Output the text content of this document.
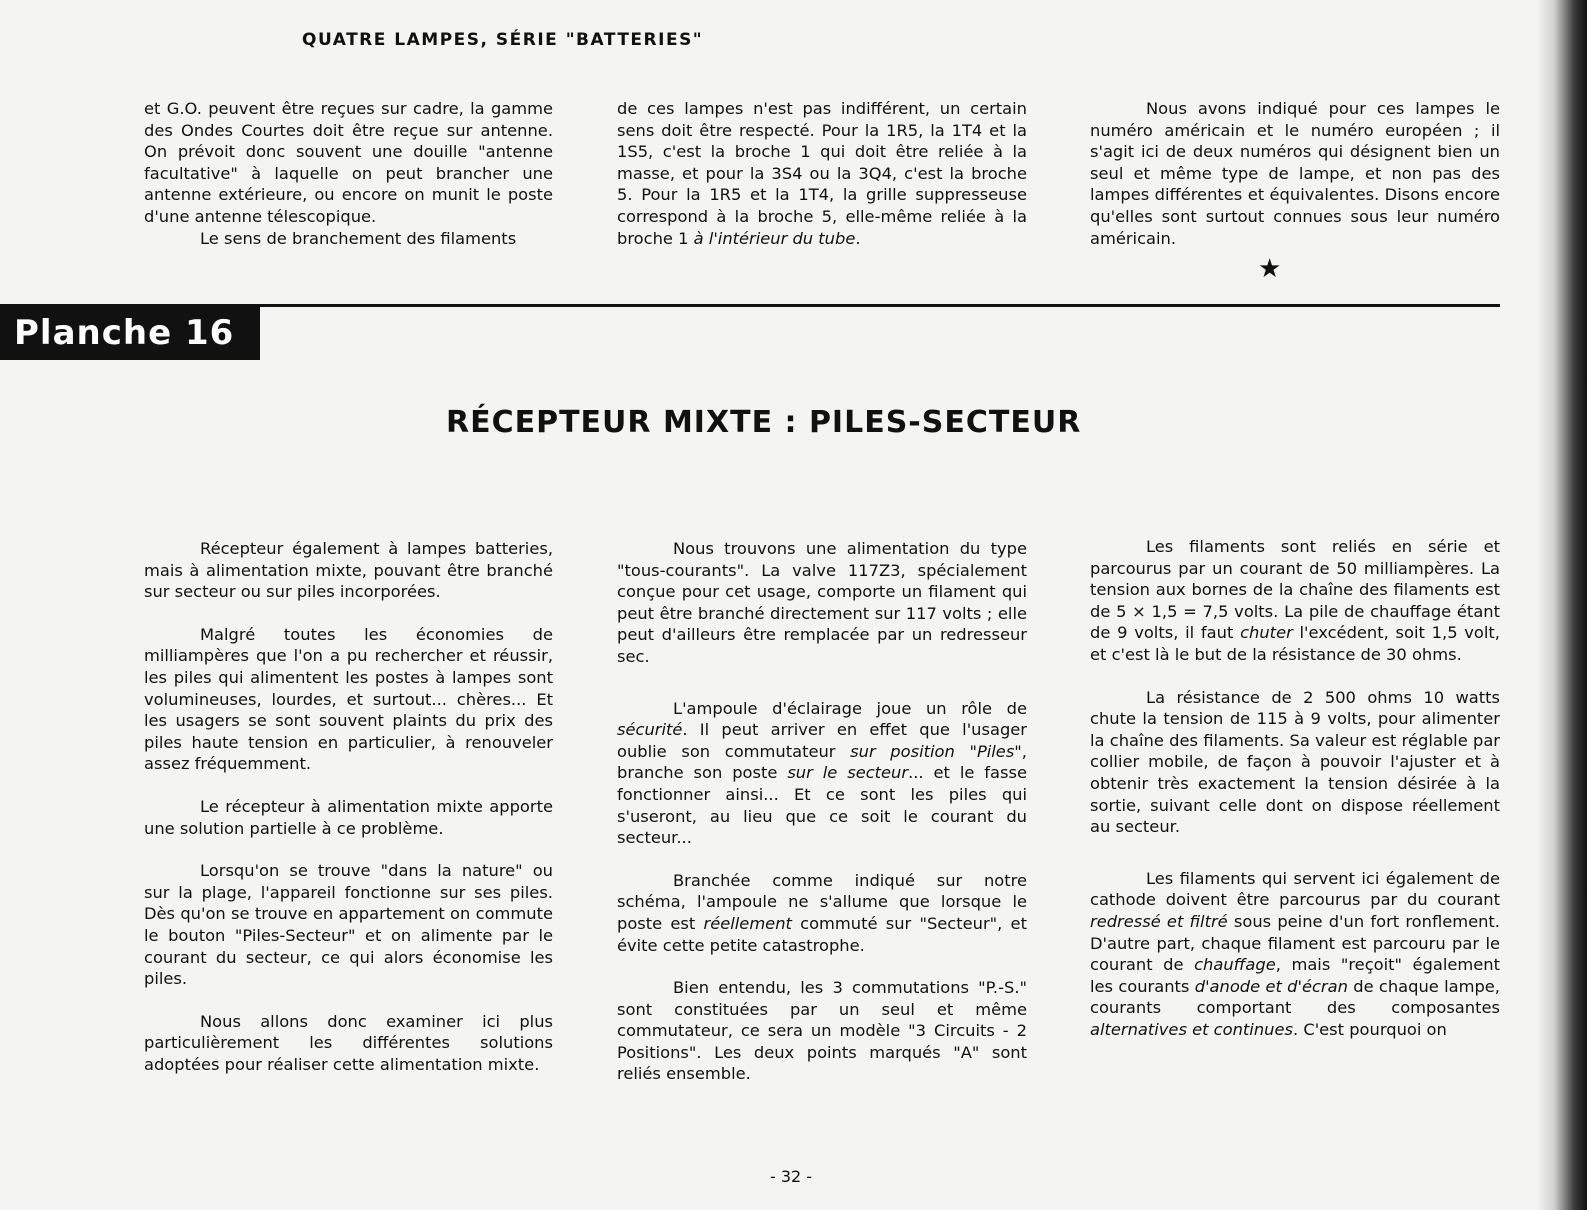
QUATRE LAMPES, SÉRIE "BATTERIES"

et G.O. peuvent être reçues sur cadre, la gamme des Ondes Courtes doit être reçue sur antenne. On prévoit donc souvent une douille "antenne facultative" à laquelle on peut brancher une antenne extérieure, ou encore on munit le poste d'une antenne télescopique.

Le sens de branchement des filaments

de ces lampes n'est pas indifférent, un certain sens doit être respecté. Pour la 1R5, la 1T4 et la 1S5, c'est la broche 1 qui doit être reliée à la masse, et pour la 3S4 ou la 3Q4, c'est la broche 5. Pour la 1R5 et la 1T4, la grille suppresseuse correspond à la broche 5, elle-même reliée à la broche 1 à l'intérieur du tube.

Nous avons indiqué pour ces lampes le numéro américain et le numéro européen ; il s'agit ici de deux numéros qui désignent bien un seul et même type de lampe, et non pas des lampes différentes et équivalentes. Disons encore qu'elles sont surtout connues sous leur numéro américain.

★
Planche 16
RÉCEPTEUR MIXTE : PILES-SECTEUR

Récepteur également à lampes batteries, mais à alimentation mixte, pouvant être branché sur secteur ou sur piles incorporées.

Malgré toutes les économies de milliampères que l'on a pu rechercher et réussir, les piles qui alimentent les postes à lampes sont volumineuses, lourdes, et surtout... chères... Et les usagers se sont souvent plaints du prix des piles haute tension en particulier, à renouveler assez fréquemment.

Le récepteur à alimentation mixte apporte une solution partielle à ce problème.

Lorsqu'on se trouve "dans la nature" ou sur la plage, l'appareil fonctionne sur ses piles. Dès qu'on se trouve en appartement on commute le bouton "Piles-Secteur" et on alimente par le courant du secteur, ce qui alors économise les piles.

Nous allons donc examiner ici plus particulièrement les différentes solutions adoptées pour réaliser cette alimentation mixte.

Nous trouvons une alimentation du type "tous-courants". La valve 117Z3, spécialement conçue pour cet usage, comporte un filament qui peut être branché directement sur 117 volts ; elle peut d'ailleurs être remplacée par un redresseur sec.

L'ampoule d'éclairage joue un rôle de sécurité. Il peut arriver en effet que l'usager oublie son commutateur sur position "Piles", branche son poste sur le secteur... et le fasse fonctionner ainsi... Et ce sont les piles qui s'useront, au lieu que ce soit le courant du secteur...

Branchée comme indiqué sur notre schéma, l'ampoule ne s'allume que lorsque le poste est réellement commuté sur "Secteur", et évite cette petite catastrophe.

Bien entendu, les 3 commutations "P.-S." sont constituées par un seul et même commutateur, ce sera un modèle "3 Circuits - 2 Positions". Les deux points marqués "A" sont reliés ensemble.

Les filaments sont reliés en série et parcourus par un courant de 50 milliampères. La tension aux bornes de la chaîne des filaments est de 5 × 1,5 = 7,5 volts. La pile de chauffage étant de 9 volts, il faut chuter l'excédent, soit 1,5 volt, et c'est là le but de la résistance de 30 ohms.

La résistance de 2 500 ohms 10 watts chute la tension de 115 à 9 volts, pour alimenter la chaîne des filaments. Sa valeur est réglable par collier mobile, de façon à pouvoir l'ajuster et à obtenir très exactement la tension désirée à la sortie, suivant celle dont on dispose réellement au secteur.

Les filaments qui servent ici également de cathode doivent être parcourus par du courant redressé et filtré sous peine d'un fort ronflement. D'autre part, chaque filament est parcouru par le courant de chauffage, mais "reçoit" également les courants d'anode et d'écran de chaque lampe, courants comportant des composantes alternatives et continues. C'est pourquoi on

- 32 -
